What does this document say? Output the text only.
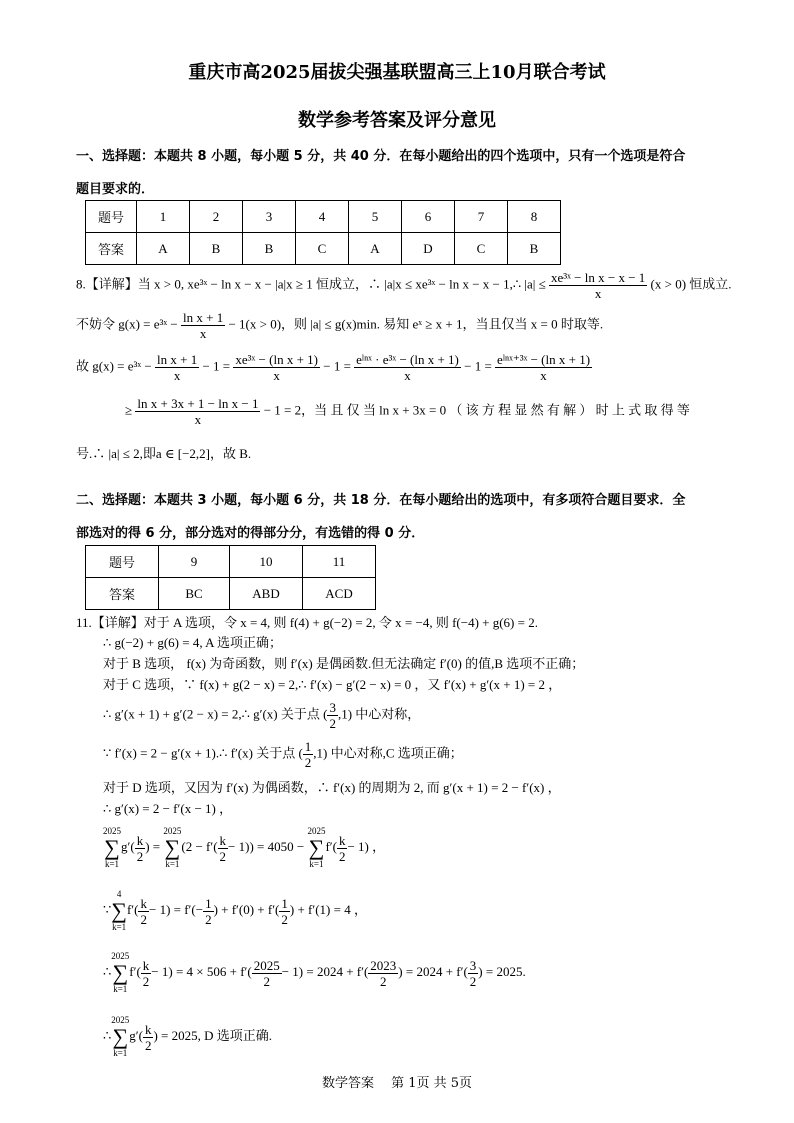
重庆市高2025届拔尖强基联盟高三上10月联合考试
数学参考答案及评分意见
一、选择题：本题共 8 小题，每小题 5 分，共 40 分．在每小题给出的四个选项中，只有一个选项是符合
题目要求的．
题号	1	2	3	4	5	6	7	8
答案	A	B	B	C	A	D	C	B
8.【详解】当 x > 0, xe³ˣ − ln x − x − |a|x ≥ 1 恒成立，∴ |a|x ≤ xe³ˣ − ln x − x − 1,∴ $|a| \le \frac{\text{xe³ˣ − ln x − x − 1}}{x} (x > 0)$ 恒成立.
不妨令 g(x) = e³ˣ − $\frac{\text{ln x + 1}}{x} - 1(x > 0)$，则 |a| ≤ g(x)min. 易知 eˣ ≥ x + 1，当且仅当 x = 0 时取等.
故 g(x) = e³ˣ − $\frac{\text{ln x + 1}}{x} - 1 = \frac{\text{xe³ˣ − (ln x + 1)}}{x} - 1 = \frac{\text{eˡⁿˣ · e³ˣ − (ln x + 1)}}{x} - 1 = \frac{\text{eˡⁿˣ⁺³ˣ − (ln x + 1)}}{x}$
≥ $\frac{\text{ln x + 3x + 1 − ln x − 1}}{x} - 1 = 2$，当 且 仅 当 ln x + 3x = 0 （ 该 方 程 显 然 有 解 ） 时 上 式 取 得 等
号.∴ |a| ≤ 2,即a ∈ [−2,2]，故 B.
二、选择题：本题共 3 小题，每小题 6 分，共 18 分．在每小题给出的选项中，有多项符合题目要求．全
部选对的得 6 分，部分选对的得部分分，有选错的得 0 分．
题号	9	10	11
答案	BC	ABD	ACD
11.【详解】对于 A 选项，令 x = 4, 则 f(4) + g(−2) = 2, 令 x = −4, 则 f(−4) + g(6) = 2.
∴ g(−2) + g(6) = 4, A 选项正确；
对于 B 选项， f(x) 为奇函数，则 f′(x) 是偶函数.但无法确定 f′(0) 的值,B 选项不正确；
对于 C 选项，∵ f(x) + g(2 − x) = 2,∴ f′(x) − g′(2 − x) = 0 ，又 f′(x) + g′(x + 1) = 2 ，
∴ g′(x + 1) + g′(2 − x) = 2,∴ g′(x) 关于点 ( $\frac{3}{2} ,1$) 中心对称，
∵ f′(x) = 2 − g′(x + 1).∴ f′(x) 关于点 ( $\frac{1}{2} ,1$) 中心对称,C 选项正确；
对于 D 选项，又因为 f′(x) 为偶函数，∴ f′(x) 的周期为 2, 而 g′(x + 1) = 2 − f′(x) ，
∴ g′(x) = 2 − f′(x − 1) ，
2025
∑
$k=1g'( \frac{k}{2}$ ) = 2025
∑
$k=1(2 - f'( \frac{k}{2} - 1)) = 4050 - 2025$
∑
$k=1f'( \frac{k}{2} - 1)$ ，
∵4
∑
$k=1f'( \frac{k}{2} - 1) = f'(- \frac{1}{2}$ ) + $f'(0) + f'( \frac{1}{2}$ ) + f′(1) = 4 ，
∴2025
∑
$k=1f'( \frac{k}{2} - 1) = 4 \times 506 + f'( \frac{2025}{2} - 1) = 2024 + f'( \frac{2023}{2}$ ) = $2024 + f'( \frac{3}{2}$ ) = 2025.
∴2025
∑
$k=1g'( \frac{k}{2}$ ) = 2025, D 选项正确.
数学答案　 第 1页 共 5页
